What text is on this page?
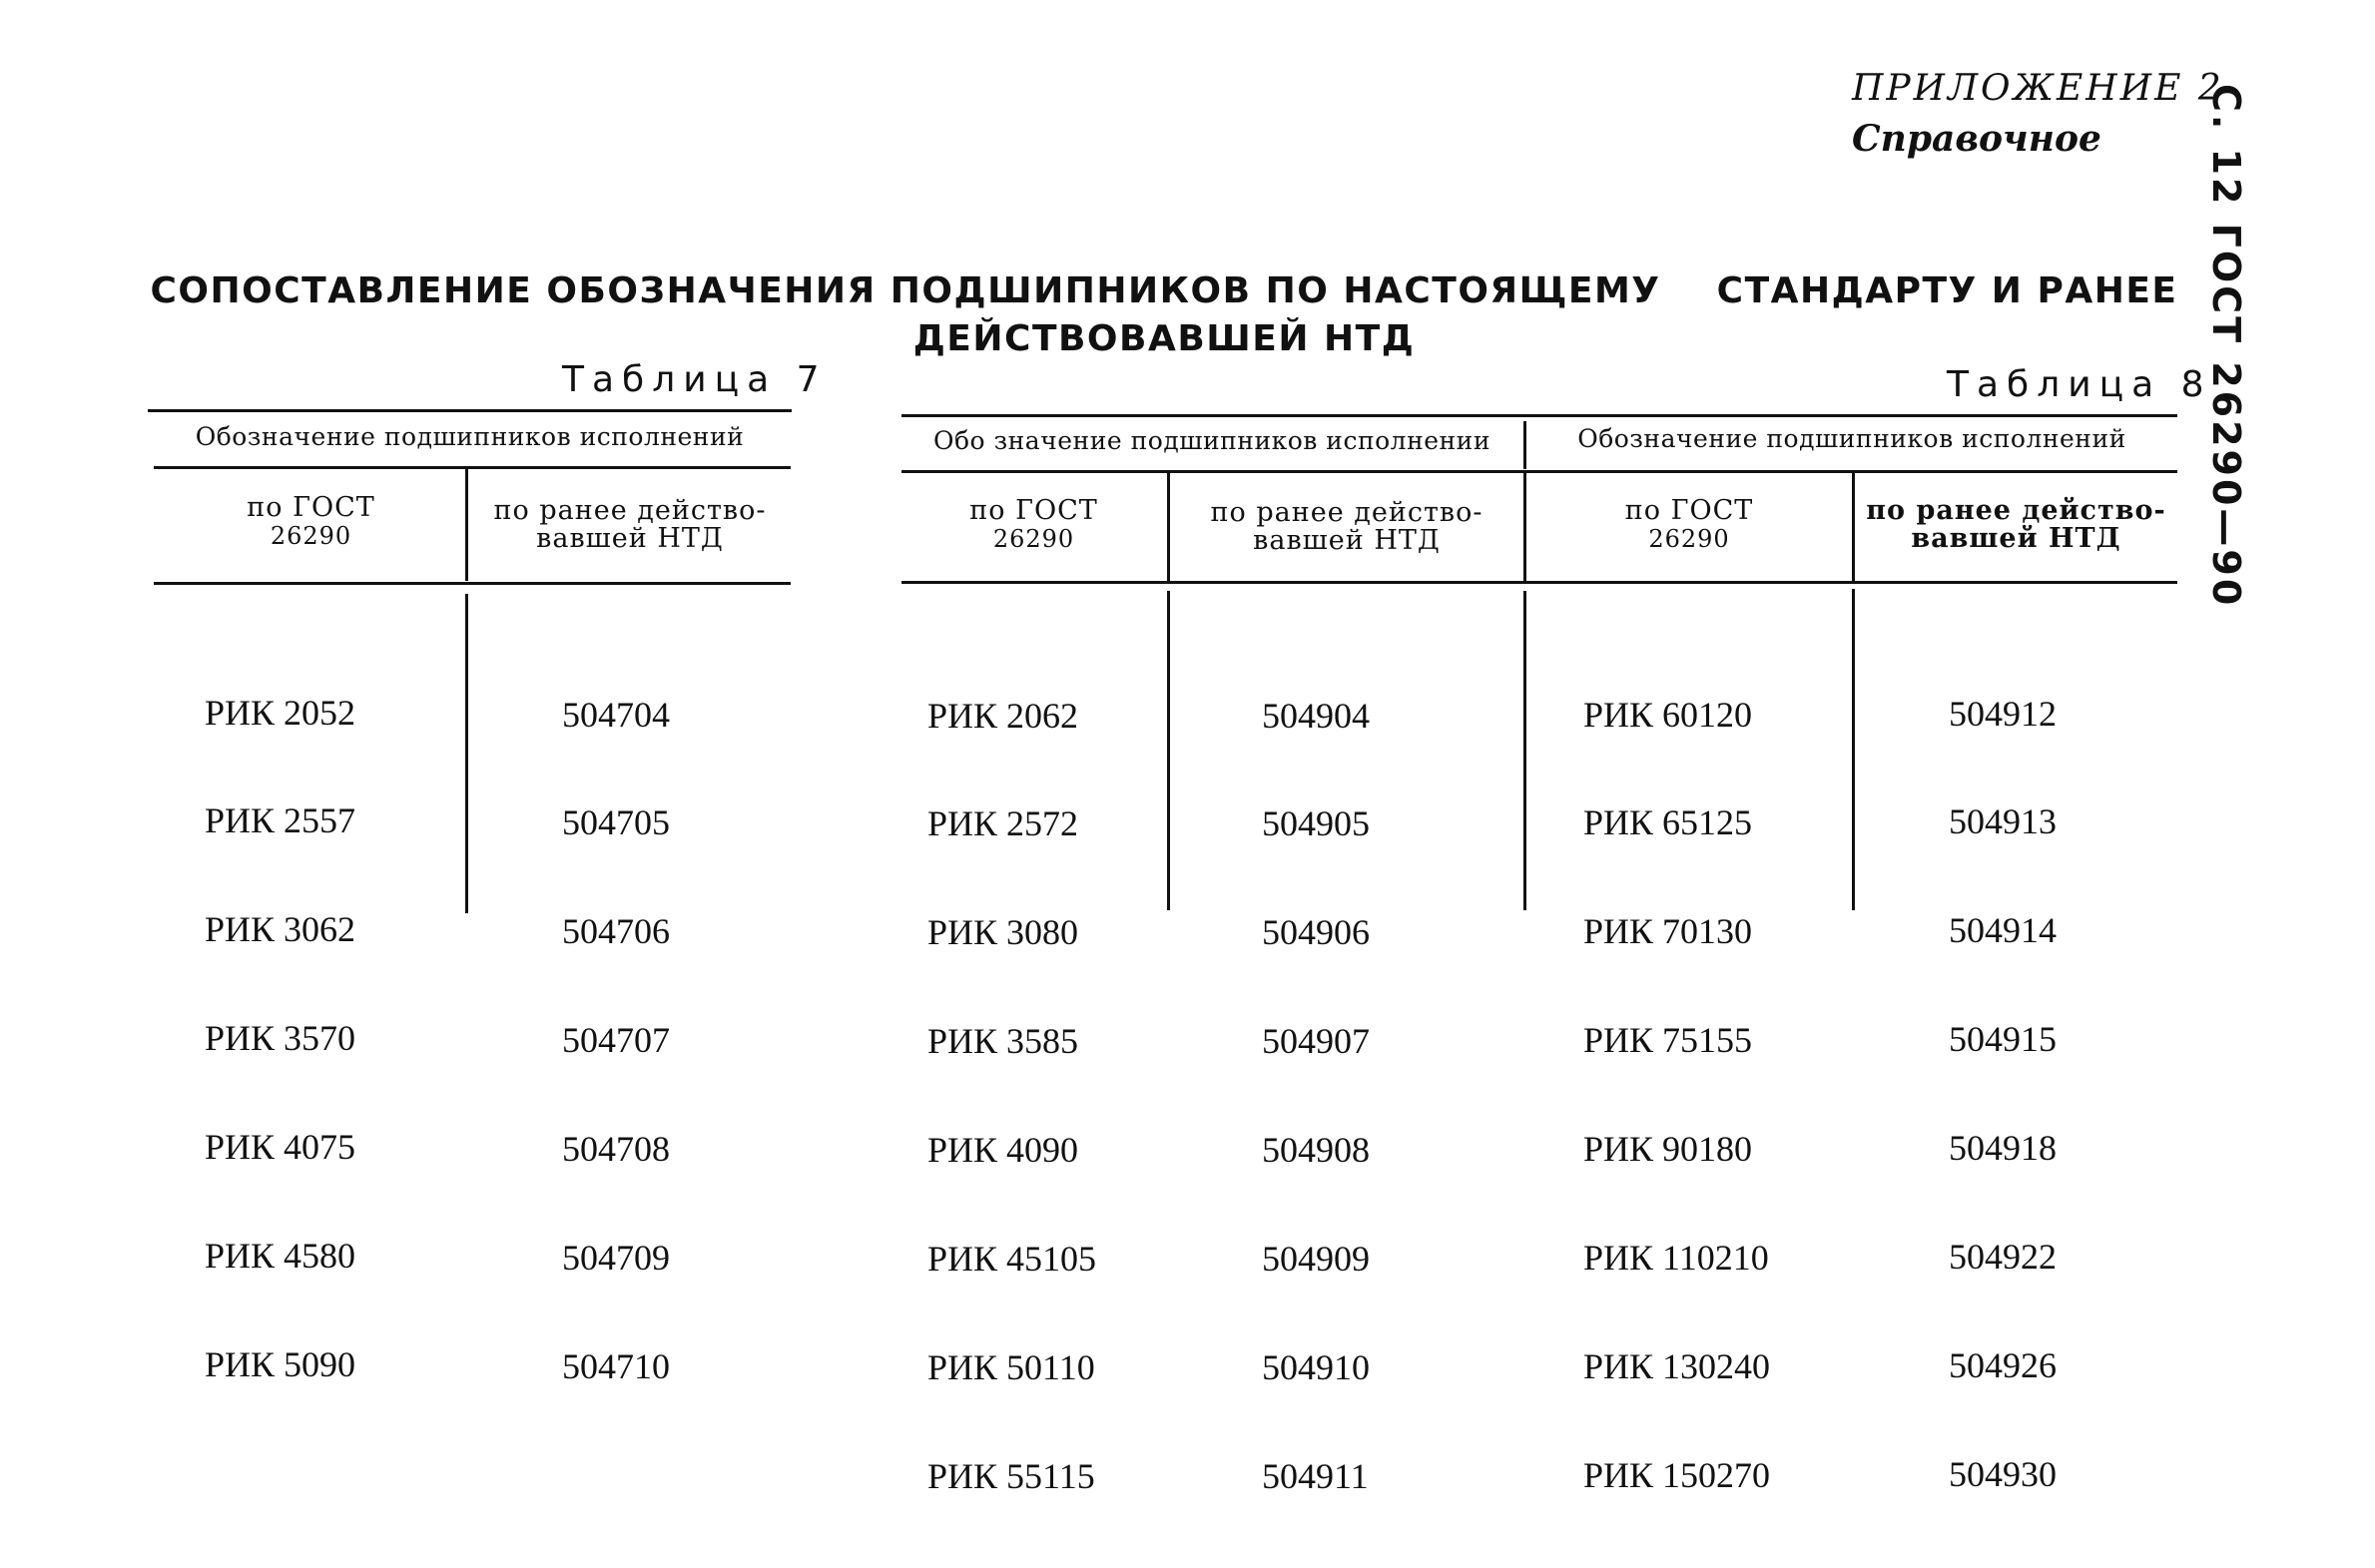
ПРИЛОЖЕНИЕ 2
Справочное	С. 12 ГОСТ 26290—90
СОПОСТАВЛЕНИЕ ОБОЗНАЧЕНИЯ ПОДШИПНИКОВ ПО НАСТОЯЩЕМУ    СТАНДАРТУ И РАНЕЕ
ДЕЙСТВОВАВШЕЙ НТД
Таблица 7
Обозначение подшипников исполнений
по ГОСТ
26290
по ранее действо-
вавшей НТД

РИК 2052

РИК 2557

РИК 3062

РИК 3570

РИК 4075

РИК 4580

РИК 5090

504704

504705

504706

504707

504708

504709

504710

Таблица 8
Обо значение подшипников исполнении	Обозначение подшипников исполнений
по ГОСТ
26290
по ранее действо-
вавшей НТД
по ГОСТ
26290
по ранее действо-
вавшей НТД

РИК 2062

РИК 2572

РИК 3080

РИК 3585

РИК 4090

РИК 45105

РИК 50110

РИК 55115

504904

504905

504906

504907

504908

504909

504910

504911

РИК 60120

РИК 65125

РИК 70130

РИК 75155

РИК 90180

РИК 110210

РИК 130240

РИК 150270

504912

504913

504914

504915

504918

504922

504926

504930
